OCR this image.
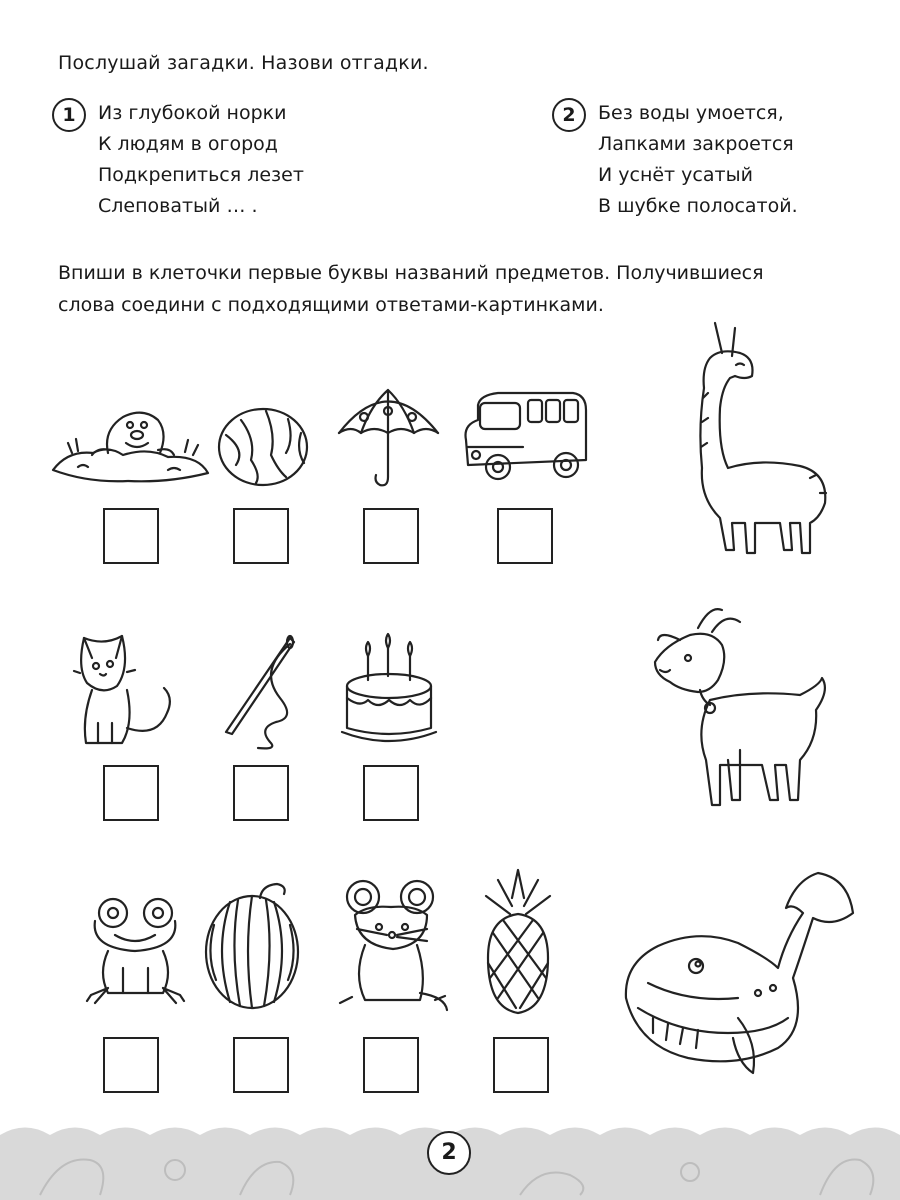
Послушай загадки. Назови отгадки.
1	Из глубокой норки
К людям в огород
Подкрепиться лезет
Слеповатый … .
2	Без воды умоется,
Лапками закроется
И уснёт усатый
В шубке полосатой.
Впиши в клеточки первые буквы названий предметов. Получившиеся
слова соедини с подходящими ответами-картинками.
2
